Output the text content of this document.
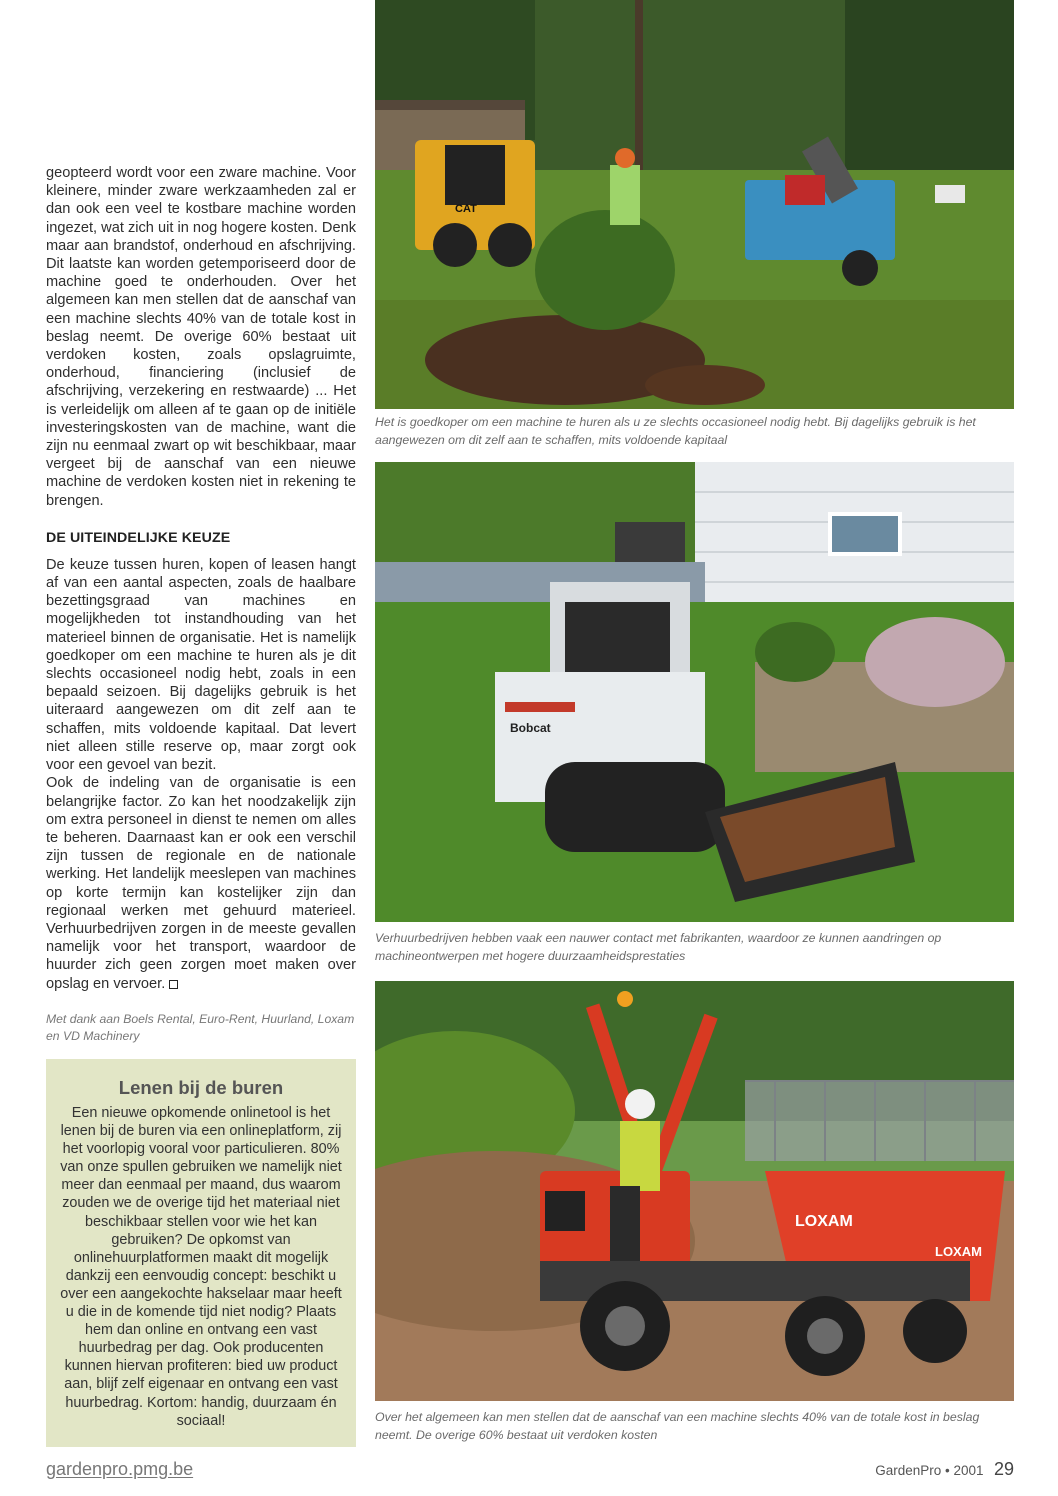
geopteerd wordt voor een zware machine. Voor kleinere, minder zware werkzaamheden zal er dan ook een veel te kostbare machine worden ingezet, wat zich uit in nog hogere kosten. Denk maar aan brandstof, onderhoud en afschrijving. Dit laatste kan worden getemporiseerd door de machine goed te onderhouden. Over het algemeen kan men stellen dat de aanschaf van een machine slechts 40% van de totale kost in beslag neemt. De overige 60% bestaat uit verdoken kosten, zoals opslagruimte, onderhoud, financiering (inclusief de afschrijving, verzekering en restwaarde) ... Het is verleidelijk om alleen af te gaan op de initiële investeringskosten van de machine, want die zijn nu eenmaal zwart op wit beschikbaar, maar vergeet bij de aanschaf van een nieuwe machine de verdoken kosten niet in rekening te brengen.

DE UITEINDELIJKE KEUZE

De keuze tussen huren, kopen of leasen hangt af van een aantal aspecten, zoals de haalbare bezettingsgraad van machines en mogelijkheden tot instandhouding van het materieel binnen de organisatie. Het is namelijk goedkoper om een machine te huren als je dit slechts occasioneel nodig hebt, zoals in een bepaald seizoen. Bij dagelijks gebruik is het uiteraard aangewezen om dit zelf aan te schaffen, mits voldoende kapitaal. Dat levert niet alleen stille reserve op, maar zorgt ook voor een gevoel van bezit.

Ook de indeling van de organisatie is een belangrijke factor. Zo kan het noodzakelijk zijn om extra personeel in dienst te nemen om alles te beheren. Daarnaast kan er ook een verschil zijn tussen de regionale en de nationale werking. Het landelijk meeslepen van machines op korte termijn kan kostelijker zijn dan regionaal werken met gehuurd materieel. Verhuurbedrijven zorgen in de meeste gevallen namelijk voor het transport, waardoor de huurder zich geen zorgen moet maken over opslag en vervoer.

Met dank aan Boels Rental, Euro-Rent, Huurland, Loxam en VD Machinery

Lenen bij de buren

Een nieuwe opkomende onlinetool is het lenen bij de buren via een onlineplatform, zij het voorlopig vooral voor particulieren. 80% van onze spullen gebruiken we namelijk niet meer dan eenmaal per maand, dus waarom zouden we de overige tijd het materiaal niet beschikbaar stellen voor wie het kan gebruiken? De opkomst van onlinehuurplatformen maakt dit mogelijk dankzij een eenvoudig concept: beschikt u over een aangekochte hakselaar maar heeft u die in de komende tijd niet nodig? Plaats hem dan online en ontvang een vast huurbedrag per dag. Ook producenten kunnen hiervan profiteren: bied uw product aan, blijf zelf eigenaar en ontvang een vast huurbedrag. Kortom: handig, duurzaam én sociaal!

CAT

Het is goedkoper om een machine te huren als u ze slechts occasioneel nodig hebt. Bij dagelijks gebruik is het aangewezen om dit zelf aan te schaffen, mits voldoende kapitaal

Bobcat

Verhuurbedrijven hebben vaak een nauwer contact met fabrikanten, waardoor ze kunnen aandringen op machineontwerpen met hogere duurzaamheidsprestaties

LOXAM
LOXAM

Over het algemeen kan men stellen dat de aanschaf van een machine slechts 40% van de totale kost in beslag neemt. De overige 60% bestaat uit verdoken kosten

gardenpro.pmg.be	GardenPro • 2001 29
